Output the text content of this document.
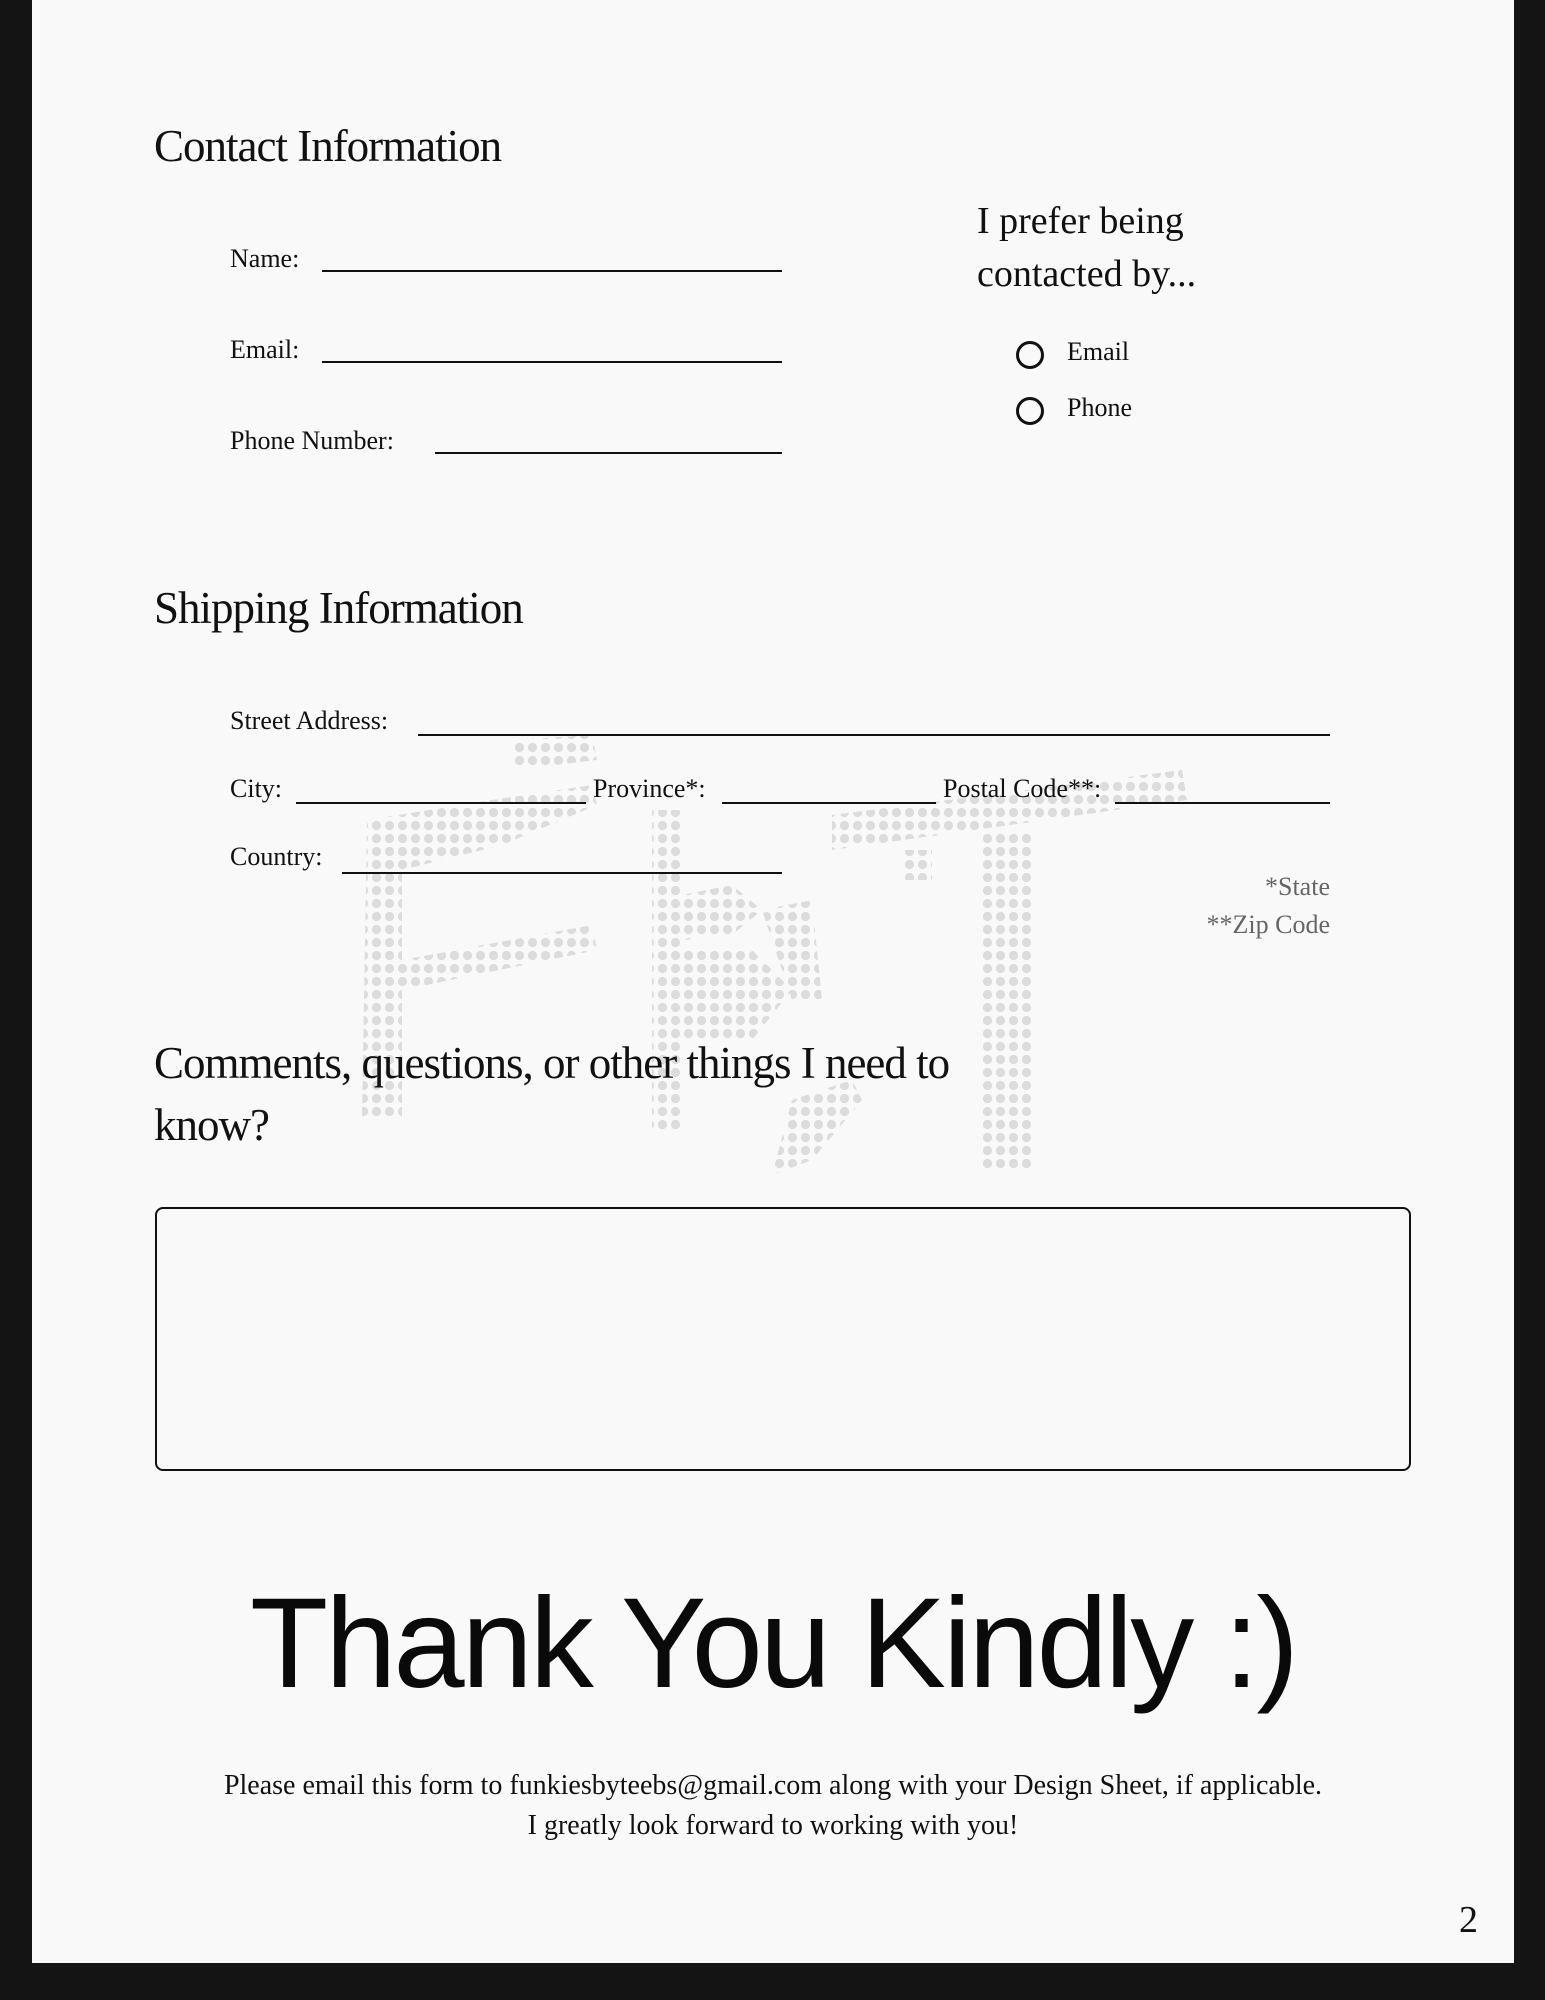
Contact Information
Name:
Email:
Phone Number:
I prefer being
contacted by...
Email
Phone
Shipping Information
Street Address:
City:	Province*:	Postal Code**:
Country:
*State
**Zip Code
Comments, questions, or other things I need to
know?
Thank You Kindly :)
Please email this form to funkiesbyteebs@gmail.com along with your Design Sheet, if applicable.
I greatly look forward to working with you!
2
